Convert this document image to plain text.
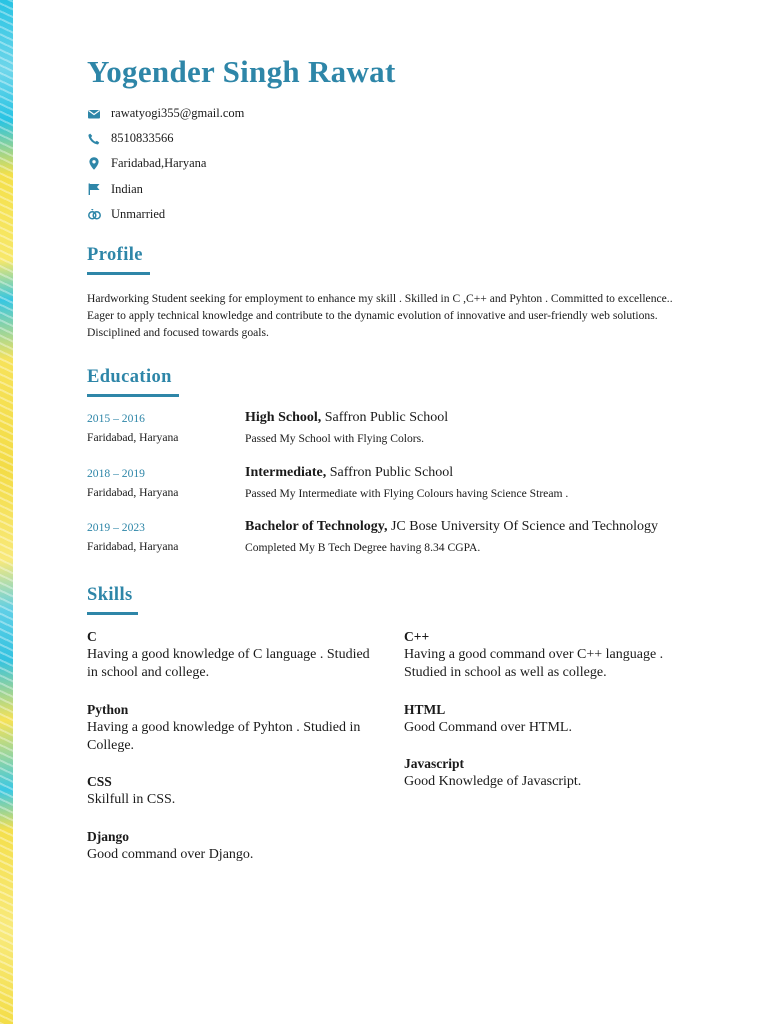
Yogender Singh Rawat
rawatyogi355@gmail.com
8510833566
Faridabad,Haryana
Indian
Unmarried
Profile
Hardworking Student seeking for employment to enhance my skill . Skilled in C ,C++ and Pyhton . Committed to excellence.. Eager to apply technical knowledge and contribute to the dynamic evolution of innovative and user-friendly web solutions. Disciplined and focused towards goals.
Education
2015 – 2016
Faridabad, Haryana
High School, Saffron Public School
Passed My School with Flying Colors.
2018 – 2019
Faridabad, Haryana
Intermediate, Saffron Public School
Passed My Intermediate with Flying Colours having Science Stream .
2019 – 2023
Faridabad, Haryana
Bachelor of Technology, JC Bose University Of Science and Technology
Completed My B Tech Degree having 8.34 CGPA.
Skills
C
Having a good knowledge of C language . Studied in school and college.
C++
Having a good command over C++ language . Studied in school as well as college.
Python
Having a good knowledge of Pyhton . Studied in College.
HTML
Good Command over HTML.
CSS
Skilfull in CSS.
Javascript
Good Knowledge of Javascript.
Django
Good command over Django.
